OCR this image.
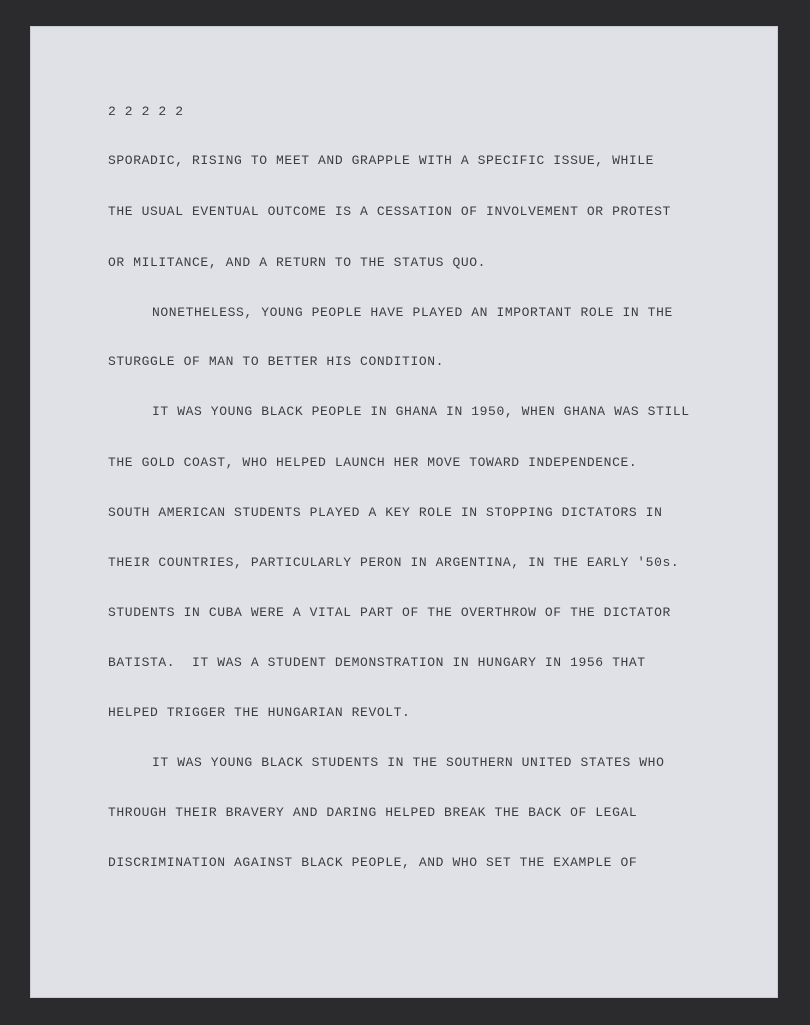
2 2 2 2 2
SPORADIC, RISING TO MEET AND GRAPPLE WITH A SPECIFIC ISSUE, WHILE
THE USUAL EVENTUAL OUTCOME IS A CESSATION OF INVOLVEMENT OR PROTEST
OR MILITANCE, AND A RETURN TO THE STATUS QUO.
NONETHELESS, YOUNG PEOPLE HAVE PLAYED AN IMPORTANT ROLE IN THE
STURGGLE OF MAN TO BETTER HIS CONDITION.
IT WAS YOUNG BLACK PEOPLE IN GHANA IN 1950, WHEN GHANA WAS STILL
THE GOLD COAST, WHO HELPED LAUNCH HER MOVE TOWARD INDEPENDENCE.
SOUTH AMERICAN STUDENTS PLAYED A KEY ROLE IN STOPPING DICTATORS IN
THEIR COUNTRIES, PARTICULARLY PERON IN ARGENTINA, IN THE EARLY '50s.
STUDENTS IN CUBA WERE A VITAL PART OF THE OVERTHROW OF THE DICTATOR
BATISTA.  IT WAS A STUDENT DEMONSTRATION IN HUNGARY IN 1956 THAT
HELPED TRIGGER THE HUNGARIAN REVOLT.
IT WAS YOUNG BLACK STUDENTS IN THE SOUTHERN UNITED STATES WHO
THROUGH THEIR BRAVERY AND DARING HELPED BREAK THE BACK OF LEGAL
DISCRIMINATION AGAINST BLACK PEOPLE, AND WHO SET THE EXAMPLE OF
